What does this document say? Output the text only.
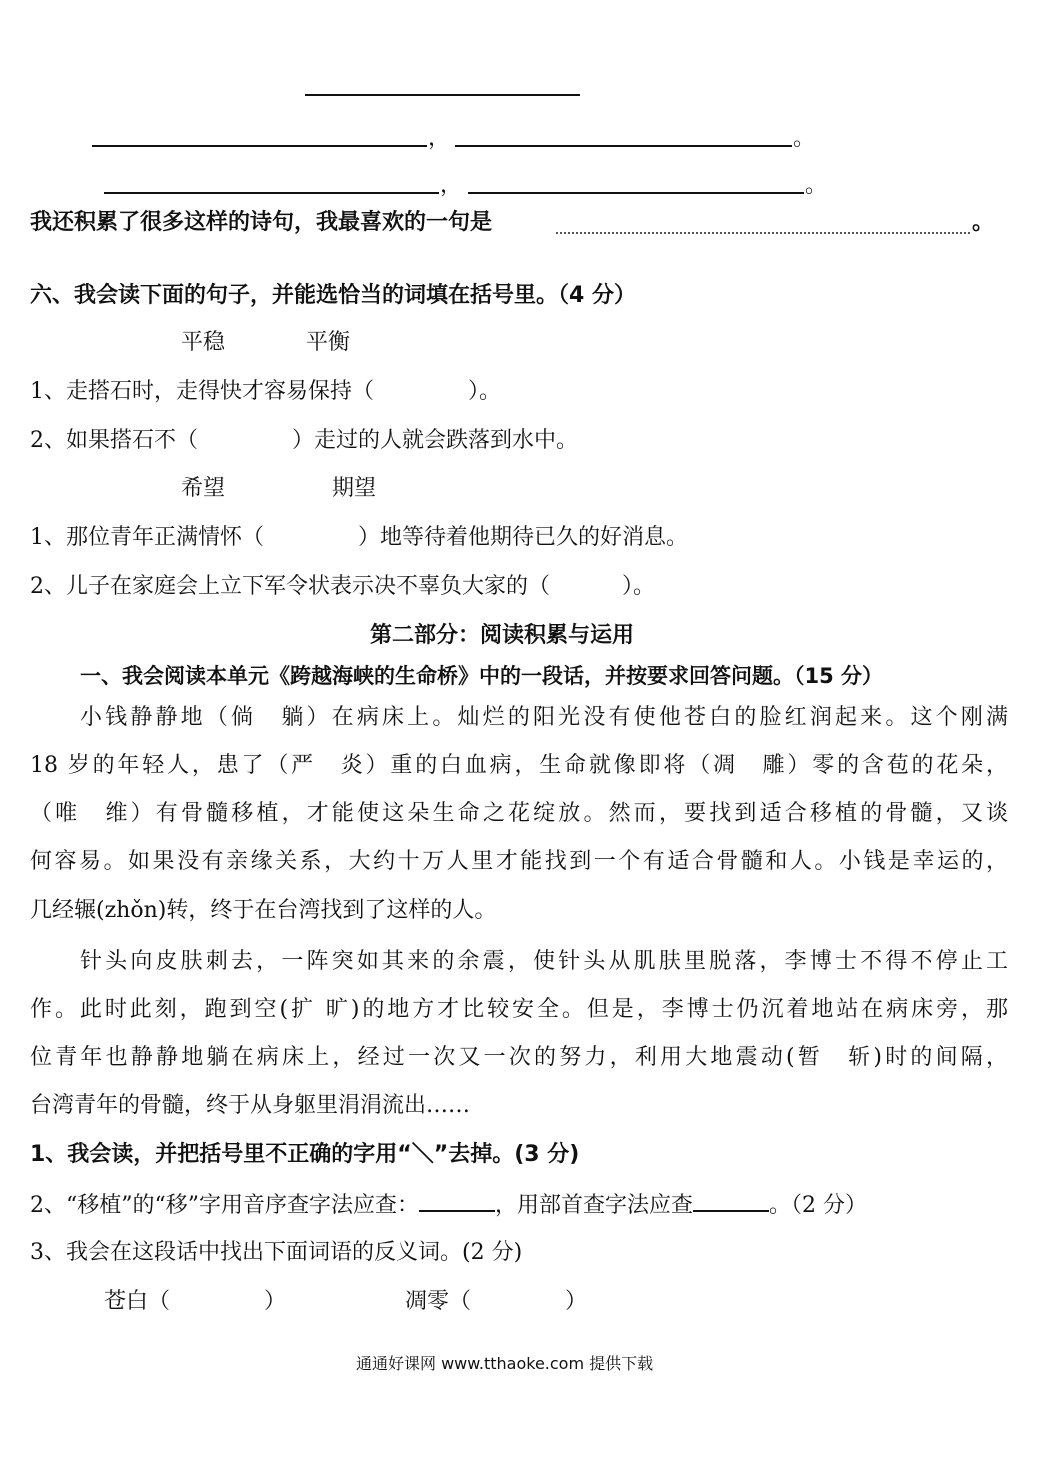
，	。
，	。
我还积累了很多这样的诗句，我最喜欢的一句是	。
六、我会读下面的句子，并能选恰当的词填在括号里。（4 分）
平稳	平衡
1、走搭石时，走得快才容易保持（	）。
2、如果搭石不（	）走过的人就会跌落到水中。
希望	期望
1、那位青年正满情怀（	）地等待着他期待已久的好消息。
2、儿子在家庭会上立下军令状表示决不辜负大家的（	）。
第二部分：阅读积累与运用
一、我会阅读本单元《跨越海峡的生命桥》中的一段话，并按要求回答问题。（15 分）
小钱静静地（倘　躺）在病床上。灿烂的阳光没有使他苍白的脸红润起来。这个刚满
18 岁的年轻人，患了（严　炎）重的白血病，生命就像即将（凋　雕）零的含苞的花朵，
（唯　维）有骨髓移植，才能使这朵生命之花绽放。然而，要找到适合移植的骨髓，又谈
何容易。如果没有亲缘关系，大约十万人里才能找到一个有适合骨髓和人。小钱是幸运的，
几经辗(zhǒn)转，终于在台湾找到了这样的人。
针头向皮肤刺去，一阵突如其来的余震，使针头从肌肤里脱落，李博士不得不停止工
作。此时此刻，跑到空(扩 旷)的地方才比较安全。但是，李博士仍沉着地站在病床旁，那
位青年也静静地躺在病床上，经过一次又一次的努力，利用大地震动(暂　斩)时的间隔，
台湾青年的骨髓，终于从身躯里涓涓流出……
1、我会读，并把括号里不正确的字用“＼”去掉。(3 分)
2、“移植”的“移”字用音序查字法应查：	，用部首查字法应查	。（2 分）
3、我会在这段话中找出下面词语的反义词。(2 分)
苍白（	）	凋零（	）
通通好课网 www.tthaoke.com 提供下载
